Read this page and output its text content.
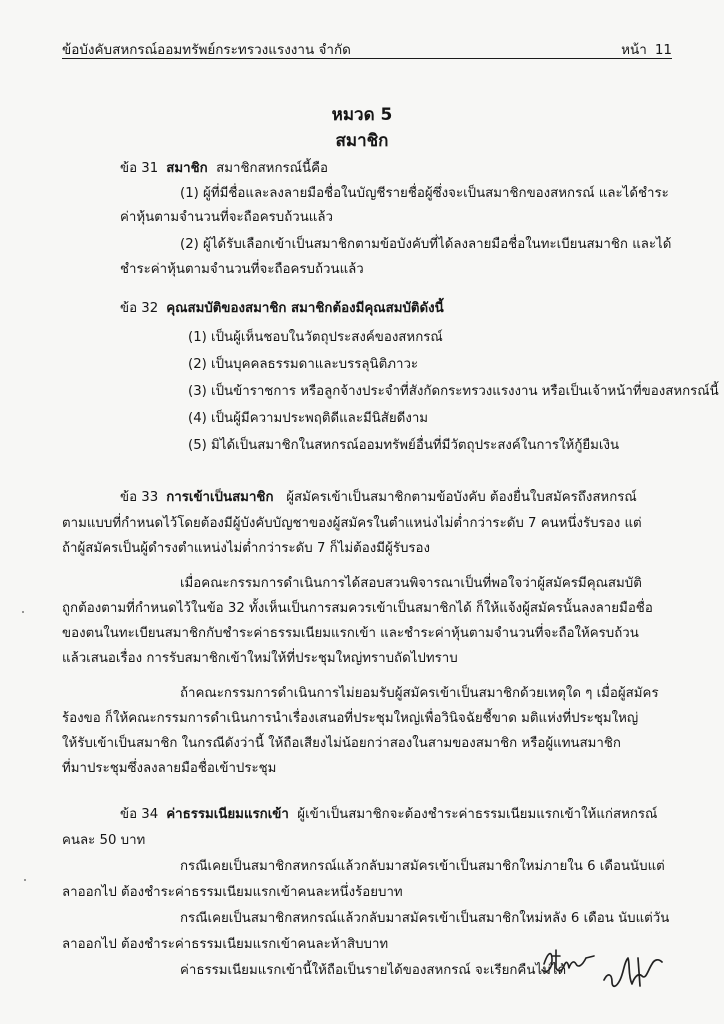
ข้อบังคับสหกรณ์ออมทรัพย์กระทรวงแรงงาน จำกัด	หน้า 11
หมวด 5
สมาชิก
ข้อ 31 สมาชิก สมาชิกสหกรณ์นี้คือ
(1) ผู้ที่มีชื่อและลงลายมือชื่อในบัญชีรายชื่อผู้ซึ่งจะเป็นสมาชิกของสหกรณ์ และได้ชำระ
ค่าหุ้นตามจำนวนที่จะถือครบถ้วนแล้ว
(2) ผู้ได้รับเลือกเข้าเป็นสมาชิกตามข้อบังคับที่ได้ลงลายมือชื่อในทะเบียนสมาชิก และได้
ชำระค่าหุ้นตามจำนวนที่จะถือครบถ้วนแล้ว
ข้อ 32 คุณสมบัติของสมาชิก สมาชิกต้องมีคุณสมบัติดังนี้
(1) เป็นผู้เห็นชอบในวัตถุประสงค์ของสหกรณ์
(2) เป็นบุคคลธรรมดาและบรรลุนิติภาวะ
(3) เป็นข้าราชการ หรือลูกจ้างประจำที่สังกัดกระทรวงแรงงาน หรือเป็นเจ้าหน้าที่ของสหกรณ์นี้
(4) เป็นผู้มีความประพฤติดีและมีนิสัยดีงาม
(5) มิได้เป็นสมาชิกในสหกรณ์ออมทรัพย์อื่นที่มีวัตถุประสงค์ในการให้กู้ยืมเงิน
ข้อ 33 การเข้าเป็นสมาชิก ผู้สมัครเข้าเป็นสมาชิกตามข้อบังคับ ต้องยื่นใบสมัครถึงสหกรณ์
ตามแบบที่กำหนดไว้โดยต้องมีผู้บังคับบัญชาของผู้สมัครในตำแหน่งไม่ต่ำกว่าระดับ 7 คนหนึ่งรับรอง แต่
ถ้าผู้สมัครเป็นผู้ดำรงตำแหน่งไม่ต่ำกว่าระดับ 7 ก็ไม่ต้องมีผู้รับรอง
เมื่อคณะกรรมการดำเนินการได้สอบสวนพิจารณาเป็นที่พอใจว่าผู้สมัครมีคุณสมบัติ
ถูกต้องตามที่กำหนดไว้ในข้อ 32 ทั้งเห็นเป็นการสมควรเข้าเป็นสมาชิกได้ ก็ให้แจ้งผู้สมัครนั้นลงลายมือชื่อ
ของตนในทะเบียนสมาชิกกับชำระค่าธรรมเนียมแรกเข้า และชำระค่าหุ้นตามจำนวนที่จะถือให้ครบถ้วน
แล้วเสนอเรื่อง การรับสมาชิกเข้าใหม่ให้ที่ประชุมใหญ่ทราบถัดไปทราบ
ถ้าคณะกรรมการดำเนินการไม่ยอมรับผู้สมัครเข้าเป็นสมาชิกด้วยเหตุใด ๆ เมื่อผู้สมัคร
ร้องขอ ก็ให้คณะกรรมการดำเนินการนำเรื่องเสนอที่ประชุมใหญ่เพื่อวินิจฉัยชี้ขาด มติแห่งที่ประชุมใหญ่
ให้รับเข้าเป็นสมาชิก ในกรณีดังว่านี้ ให้ถือเสียงไม่น้อยกว่าสองในสามของสมาชิก หรือผู้แทนสมาชิก
ที่มาประชุมซึ่งลงลายมือชื่อเข้าประชุม
ข้อ 34 ค่าธรรมเนียมแรกเข้า ผู้เข้าเป็นสมาชิกจะต้องชำระค่าธรรมเนียมแรกเข้าให้แก่สหกรณ์
คนละ 50 บาท
กรณีเคยเป็นสมาชิกสหกรณ์แล้วกลับมาสมัครเข้าเป็นสมาชิกใหม่ภายใน 6 เดือนนับแต่
ลาออกไป ต้องชำระค่าธรรมเนียมแรกเข้าคนละหนึ่งร้อยบาท
กรณีเคยเป็นสมาชิกสหกรณ์แล้วกลับมาสมัครเข้าเป็นสมาชิกใหม่หลัง 6 เดือน นับแต่วัน
ลาออกไป ต้องชำระค่าธรรมเนียมแรกเข้าคนละห้าสิบบาท
ค่าธรรมเนียมแรกเข้านี้ให้ถือเป็นรายได้ของสหกรณ์ จะเรียกคืนไม่ได้
